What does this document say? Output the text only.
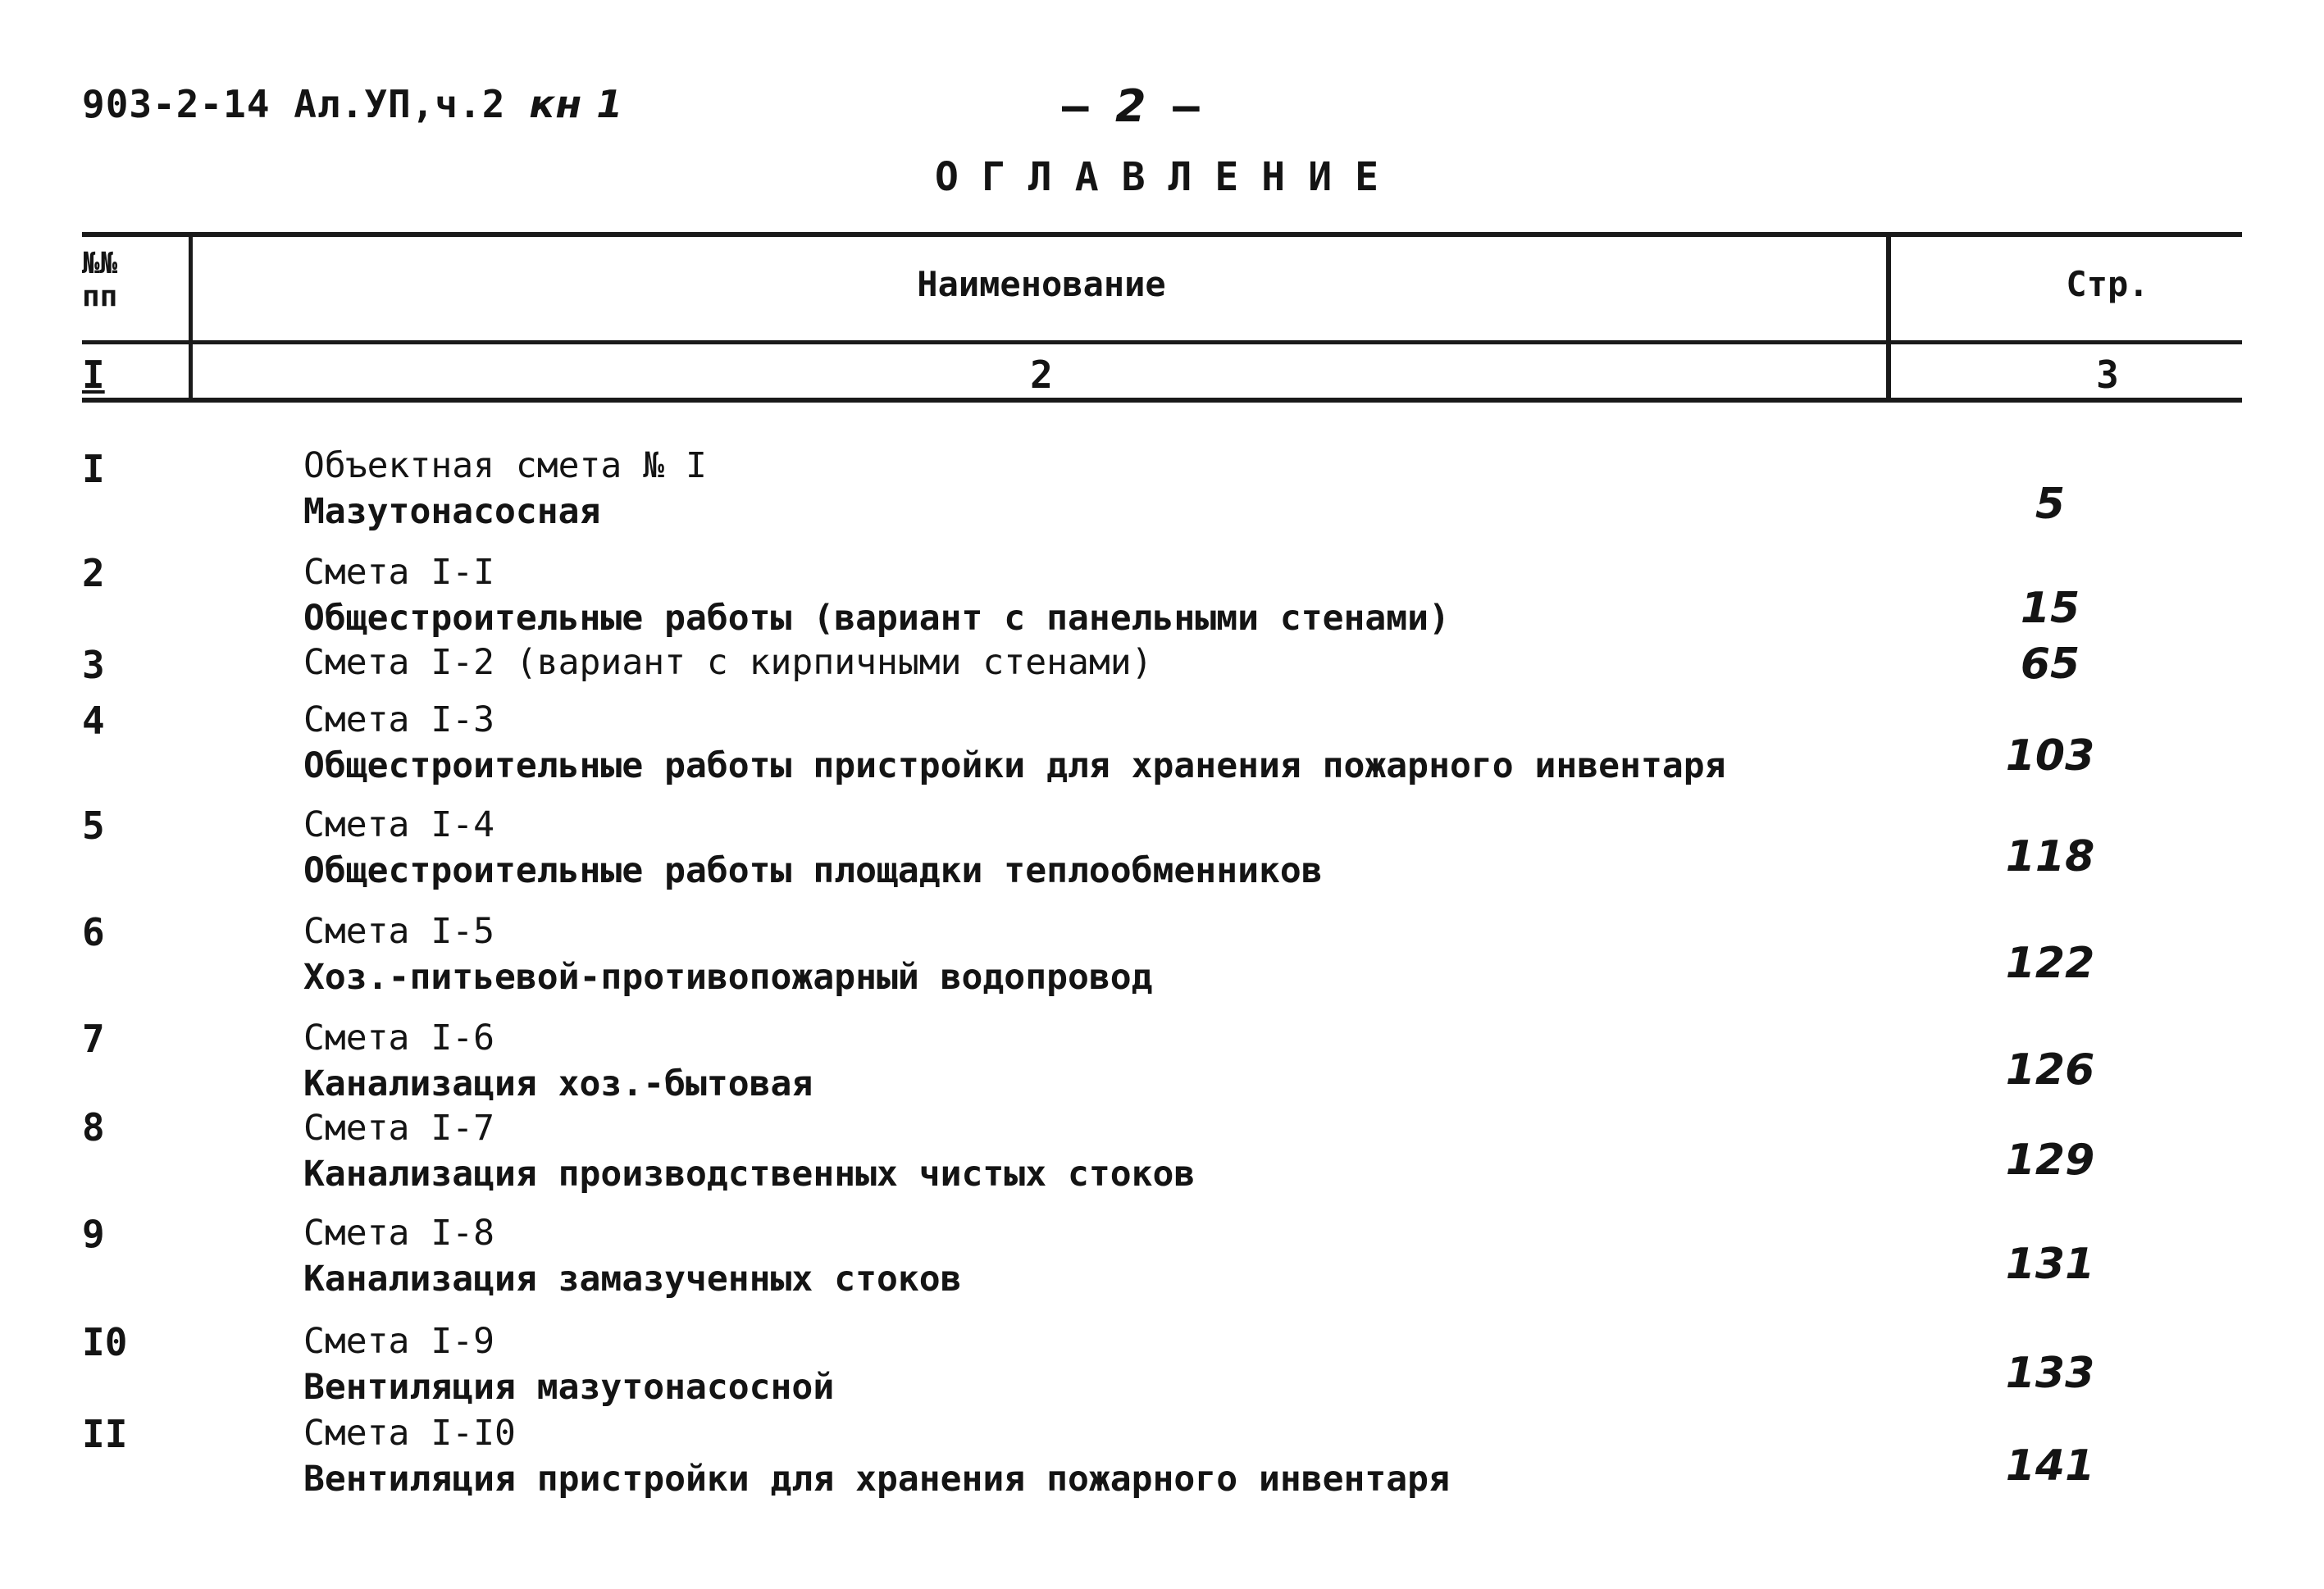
903-2-14 Ал.УП,ч.2 кн 1	– 2 –
ОГЛАВЛЕНИЕ
№№ пп	Наименование	Стр.
I	2	3
I	Объектная смета № I
Мазутонасосная	5
2	Смета I-I
Общестроительные работы (вариант с панельными стенами)	15
3	Смета I-2 (вариант с кирпичными стенами)	65
4	Смета I-3
Общестроительные работы пристройки для хранения пожарного инвентаря	103
5	Смета I-4
Общестроительные работы площадки теплообменников	118
6	Смета I-5
Хоз.-питьевой-противопожарный водопровод	122
7	Смета I-6
Канализация хоз.-бытовая	126
8	Смета I-7
Канализация производственных чистых стоков	129
9	Смета I-8
Канализация замазученных стоков	131
I0	Смета I-9
Вентиляция мазутонасосной	133
II	Смета I-I0
Вентиляция пристройки для хранения пожарного инвентаря	141
